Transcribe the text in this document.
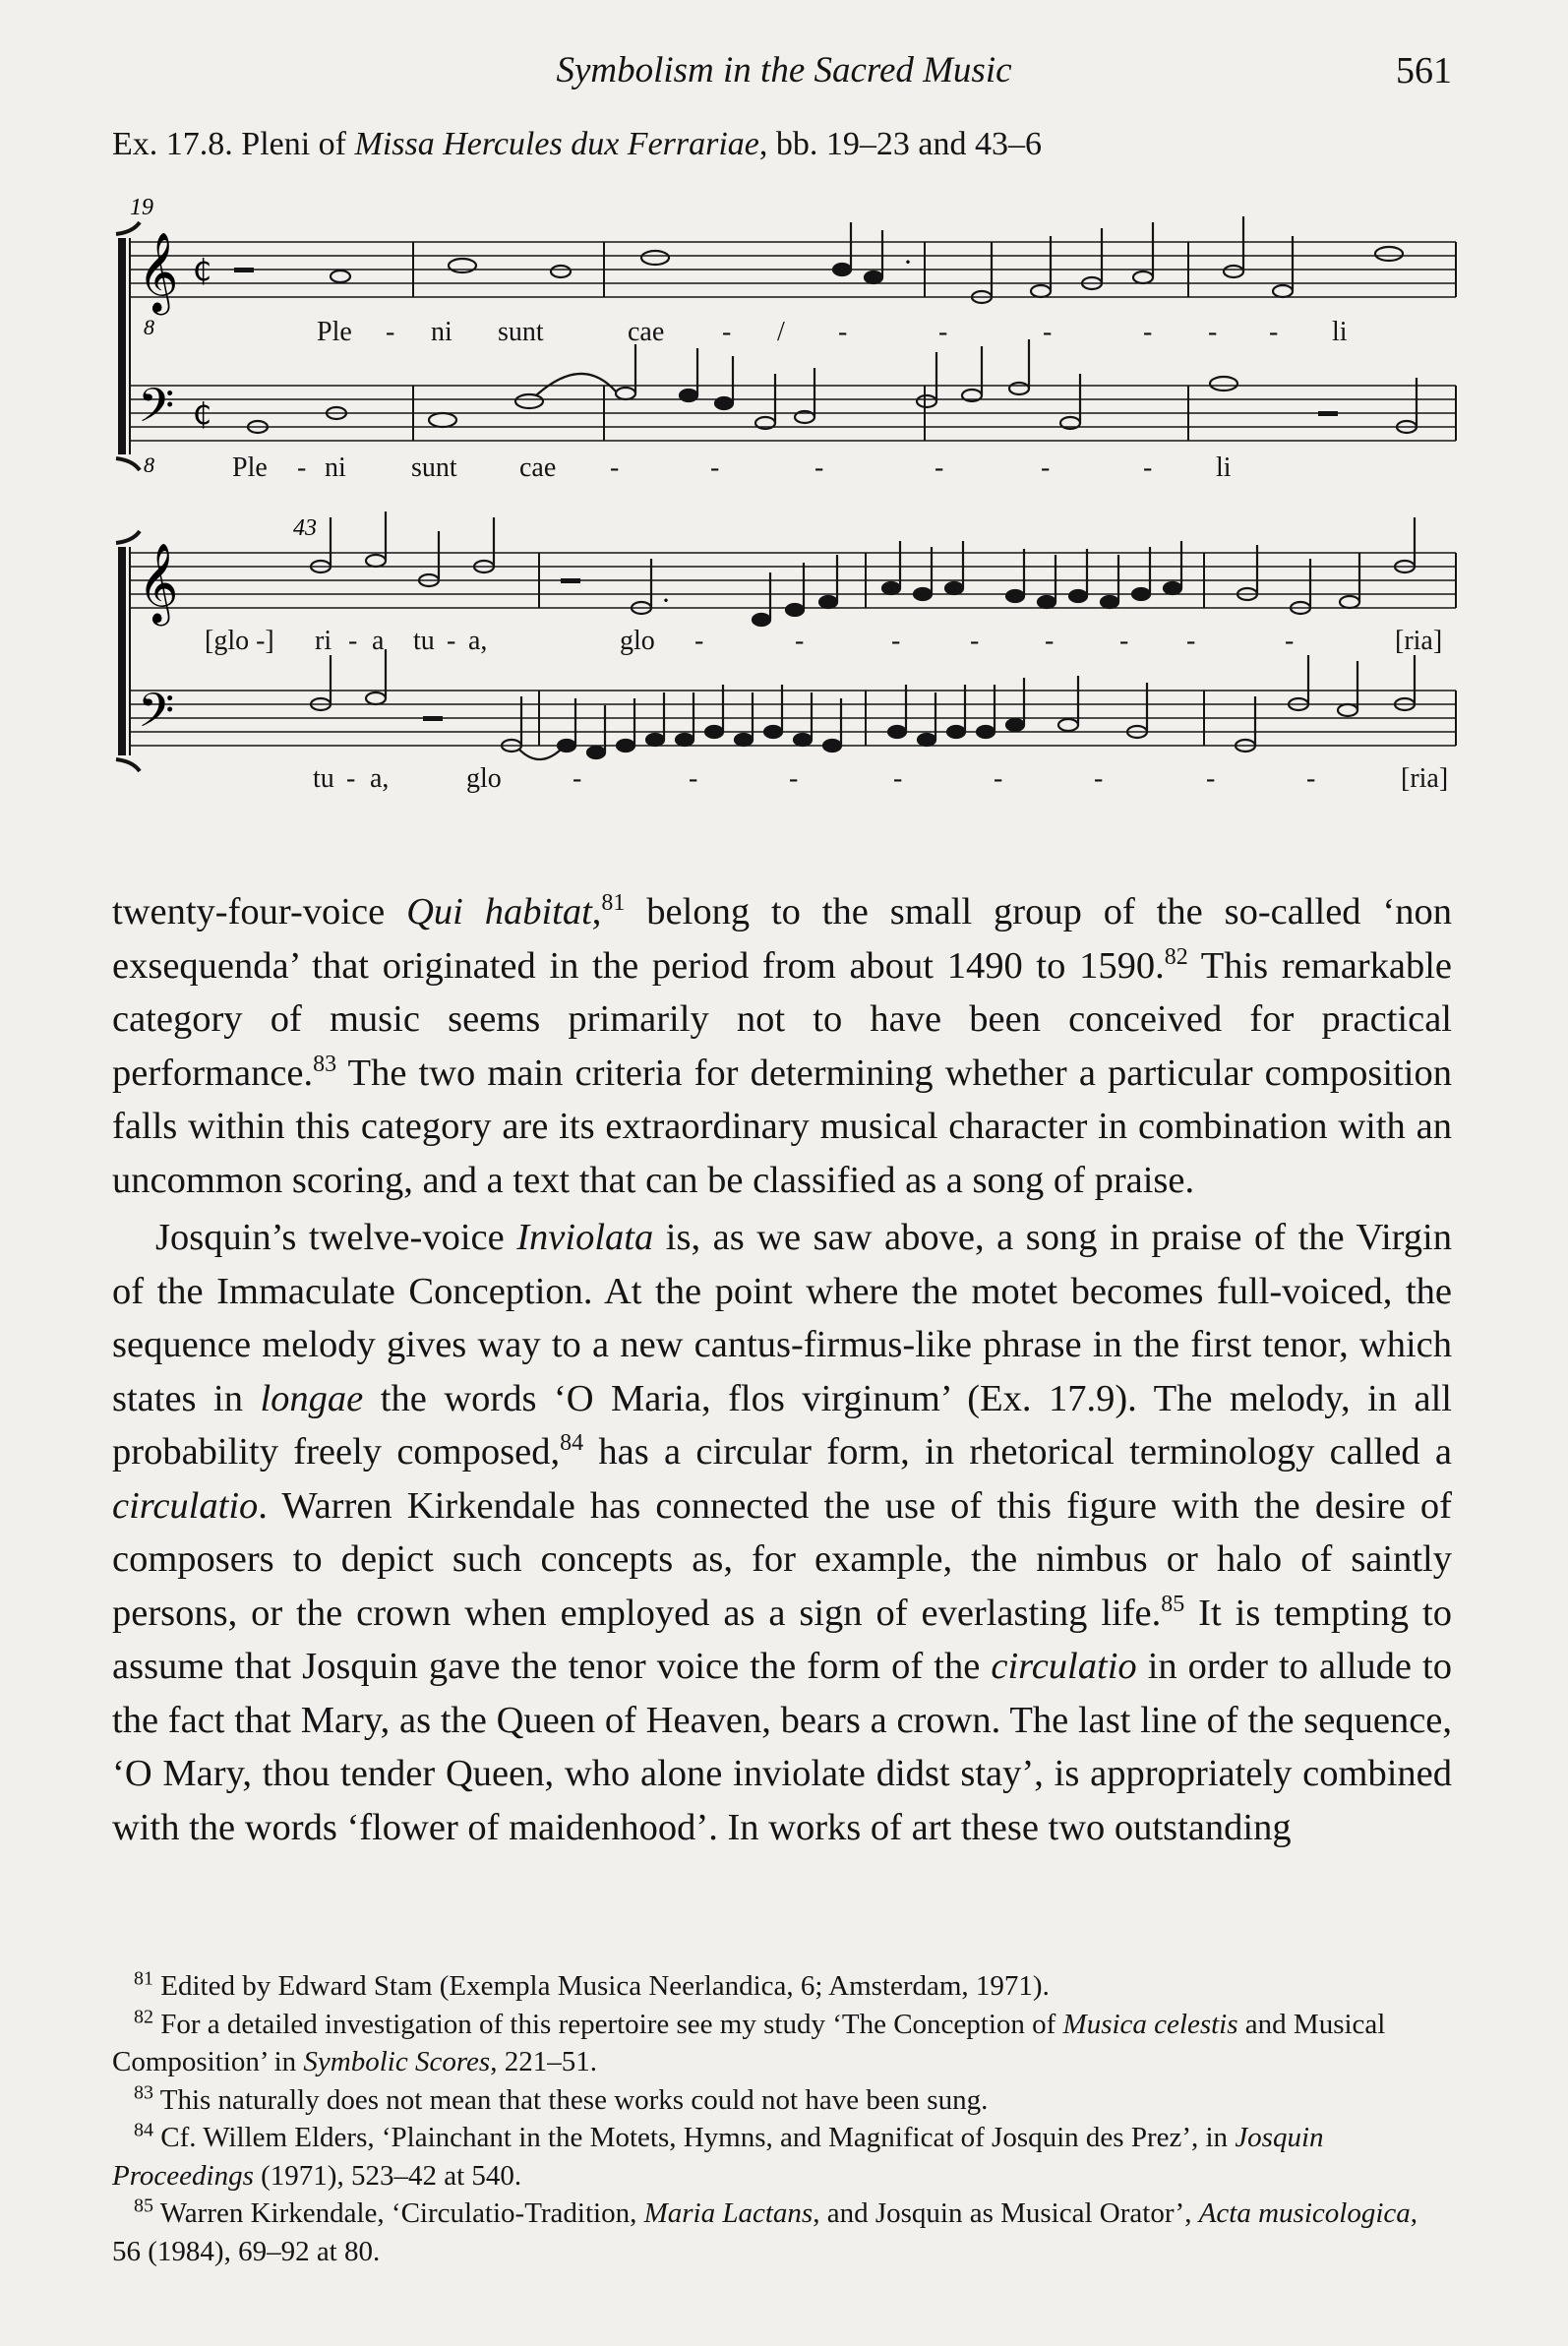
Symbolism in the Sacred Music	561
Ex. 17.8. Pleni of Missa Hercules dux Ferrariae, bb. 19–23 and 43–6
19
𝄞
8
𝄢
8
₵
₵
·
Ple - ni sunt	cae - / -	-	-	- - - li
Ple - ni sunt cae -	-	-	-	-	- li
43
𝄞
𝄢
·
[glo -] ri - a tu - a,	glo -	-	-	- - - -	-	[ria]
tu - a,	glo	-	-	-	-	-	-	-	-	[ria]

twenty-four-voice Qui habitat,$^{81}$ belong to the small group of the so-called ‘non exsequenda’ that originated in the period from about 1490 to 1590.82 This remarkable category of music seems primarily not to have been conceived for practical performance.$^{83}$ The two main criteria for determining whether a particular composition falls within this category are its extraordinary musical character in combination with an uncommon scoring, and a text that can be classified as a song of praise.

Josquin’s twelve-voice Inviolata is, as we saw above, a song in praise of the Virgin of the Immaculate Conception. At the point where the motet becomes full-voiced, the sequence melody gives way to a new cantus-firmus-like phrase in the first tenor, which states in longae the words ‘O Maria, flos virginum’ (Ex. 17.9). The melody, in all probability freely composed,$^{84}$ has a circular form, in rhetorical terminology called a circulatio. Warren Kirkendale has connected the use of this figure with the desire of composers to depict such concepts as, for example, the nimbus or halo of saintly persons, or the crown when employed as a sign of everlasting life.$^{85}$ It is tempting to assume that Josquin gave the tenor voice the form of the circulatio in order to allude to the fact that Mary, as the Queen of Heaven, bears a crown. The last line of the sequence, ‘O Mary, thou tender Queen, who alone inviolate didst stay’, is appropriately combined with the words ‘flower of maidenhood’. In works of art these two outstanding

$^{81}$ Edited by Edward Stam (Exempla Musica Neerlandica, 6; Amsterdam, 1971).

$^{82}$ For a detailed investigation of this repertoire see my study ‘The Conception of Musica celestis and Musical Composition’ in Symbolic Scores, 221–51.

$^{83}$ This naturally does not mean that these works could not have been sung.

$^{84}$ Cf. Willem Elders, ‘Plainchant in the Motets, Hymns, and Magnificat of Josquin des Prez’, in Josquin Proceedings (1971), 523–42 at 540.

$^{85}$ Warren Kirkendale, ‘Circulatio-Tradition, Maria Lactans, and Josquin as Musical Orator’, Acta musicologica, 56 (1984), 69–92 at 80.
